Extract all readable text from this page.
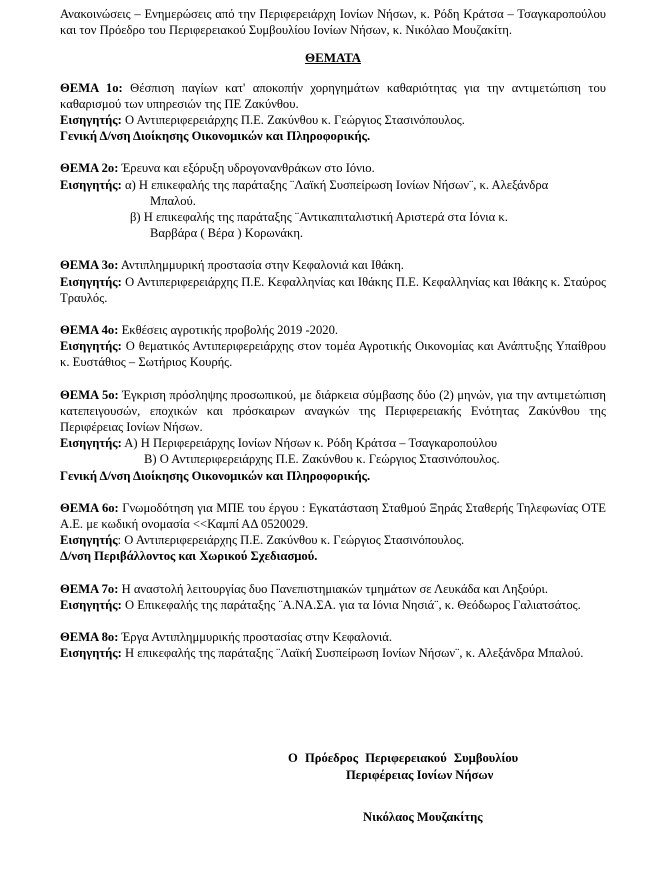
Ανακοινώσεις – Ενημερώσεις από την Περιφερειάρχη Ιονίων Νήσων, κ. Ρόδη Κράτσα – Τσαγκαροπούλου και τον Πρόεδρο του Περιφερειακού Συμβουλίου Ιονίων Νήσων, κ. Νικόλαο Μουζακίτη.

ΘΕΜΑΤΑ

ΘΕΜΑ 1ο: Θέσπιση παγίων κατ' αποκοπήν χορηγημάτων καθαριότητας για την αντιμετώπιση του καθαρισμού των υπηρεσιών της ΠΕ Ζακύνθου.

Εισηγητής: Ο Αντιπεριφερειάρχης Π.Ε. Ζακύνθου κ. Γεώργιος Στασινόπουλος.

Γενική Δ/νση Διοίκησης Οικονομικών και Πληροφορικής.

ΘΕΜΑ 2ο: Έρευνα και εξόρυξη υδρογονανθράκων στο Ιόνιο.

Εισηγητής: α) Η επικεφαλής της παράταξης ¨Λαϊκή Συσπείρωση Ιονίων Νήσων¨, κ. Αλεξάνδρα

Μπαλού.

β) Η επικεφαλής της παράταξης ¨Αντικαπιταλιστική Αριστερά στα Ιόνια κ.

Βαρβάρα ( Βέρα ) Κορωνάκη.

ΘΕΜΑ 3ο: Αντιπλημμυρική προστασία στην Κεφαλονιά και Ιθάκη.

Εισηγητής: Ο Αντιπεριφερειάρχης Π.Ε. Κεφαλληνίας και Ιθάκης Π.Ε. Κεφαλληνίας και Ιθάκης κ. Σταύρος Τραυλός.

ΘΕΜΑ 4ο: Εκθέσεις αγροτικής προβολής 2019 -2020.

Εισηγητής: Ο θεματικός Αντιπεριφερειάρχης στον τομέα Αγροτικής Οικονομίας και Ανάπτυξης Υπαίθρου κ. Ευστάθιος – Σωτήριος Κουρής.

ΘΕΜΑ 5ο: Έγκριση πρόσληψης προσωπικού, με διάρκεια σύμβασης δύο (2) μηνών, για την αντιμετώπιση κατεπειγουσών, εποχικών και πρόσκαιρων αναγκών της Περιφερειακής Ενότητας Ζακύνθου της Περιφέρειας Ιονίων Νήσων.

Εισηγητής: Α) Η Περιφερειάρχης Ιονίων Νήσων κ. Ρόδη Κράτσα – Τσαγκαροπούλου

Β) Ο Αντιπεριφερειάρχης Π.Ε. Ζακύνθου κ. Γεώργιος Στασινόπουλος.

Γενική Δ/νση Διοίκησης Οικονομικών και Πληροφορικής.

ΘΕΜΑ 6ο: Γνωμοδότηση για ΜΠΕ του έργου : Εγκατάσταση Σταθμού Ξηράς Σταθερής Τηλεφωνίας ΟΤΕ Α.Ε. με κωδική ονομασία <<Καμπί ΑΔ 0520029.

Εισηγητής: Ο Αντιπεριφερειάρχης Π.Ε. Ζακύνθου κ. Γεώργιος Στασινόπουλος.

Δ/νση Περιβάλλοντος και Χωρικού Σχεδιασμού.

ΘΕΜΑ 7ο: Η αναστολή λειτουργίας δυο Πανεπιστημιακών τμημάτων σε Λευκάδα και Ληξούρι.

Εισηγητής: Ο Επικεφαλής της παράταξης ¨Α.ΝΑ.ΣΑ. για τα Ιόνια Νησιά¨, κ. Θεόδωρος Γαλιατσάτος.

ΘΕΜΑ 8ο: Έργα Αντιπλημμυρικής προστασίας στην Κεφαλονιά.

Εισηγητής: Η επικεφαλής της παράταξης ¨Λαϊκή Συσπείρωση Ιονίων Νήσων¨, κ. Αλεξάνδρα Μπαλού.

Ο Πρόεδρος Περιφερειακού Συμβουλίου
Περιφέρειας Ιονίων Νήσων
Νικόλαος Μουζακίτης
